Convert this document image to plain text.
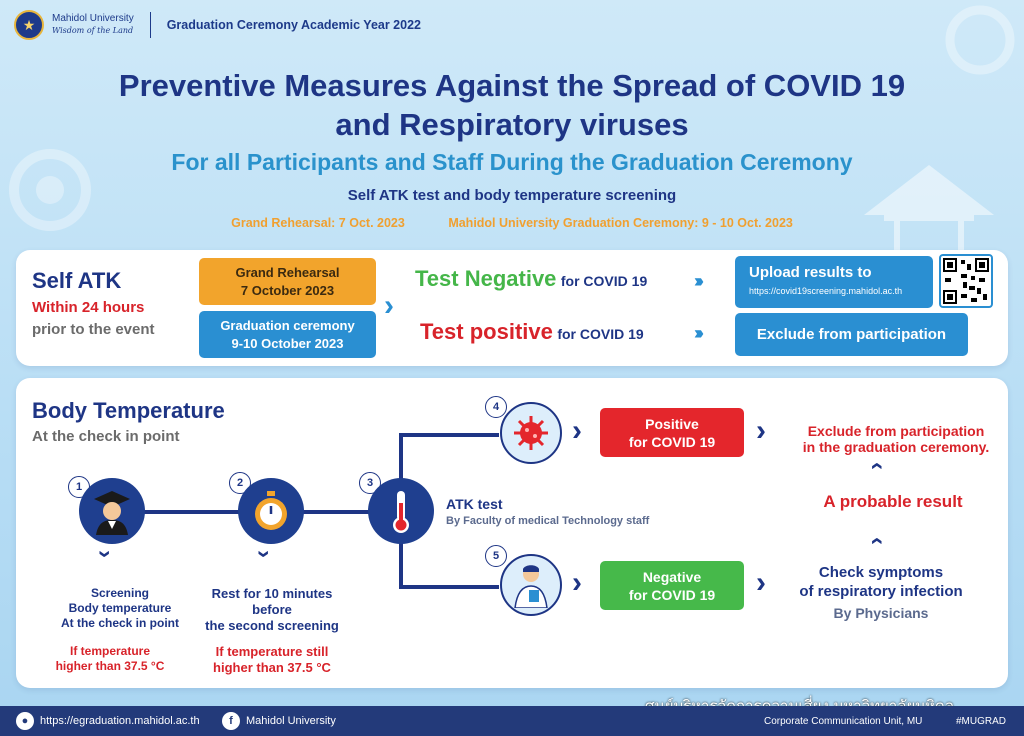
★	Mahidol University
Wisdom of the Land	Graduation Ceremony Academic Year 2022
Preventive Measures Against the Spread of COVID 19
and Respiratory viruses
For all Participants and Staff During the Graduation Ceremony
Self ATK test and body temperature screening
Grand Rehearsal: 7 Oct. 2023	Mahidol University Graduation Ceremony: 9 - 10 Oct. 2023
Self ATK
Within 24 hours
prior to the event
Grand Rehearsal
7 October 2023
Graduation ceremony
9-10 October 2023
›
Test Negative for COVID 19
Test positive for COVID 19
›››
›››
Upload results to
https://covid19screening.mahidol.ac.th
Exclude from participation
Body Temperature
At the check in point
1
›
Screening
Body temperature
At the check in point
If temperature
higher than 37.5 °C
2
›
Rest for 10 minutes
before
the second screening
If temperature still
higher than 37.5 °C
3
ATK test
By Faculty of medical Technology staff
4
›	Positive
for COVID 19	›	Exclude from participation
in the graduation ceremony.
›
A probable result
›
5
›	Negative
for COVID 19	›	Check symptoms
of respiratory infection
By Physicians
●	https://egraduation.mahidol.ac.th	f	Mahidol University	Corporate Communication Unit, MU	#MUGRAD
